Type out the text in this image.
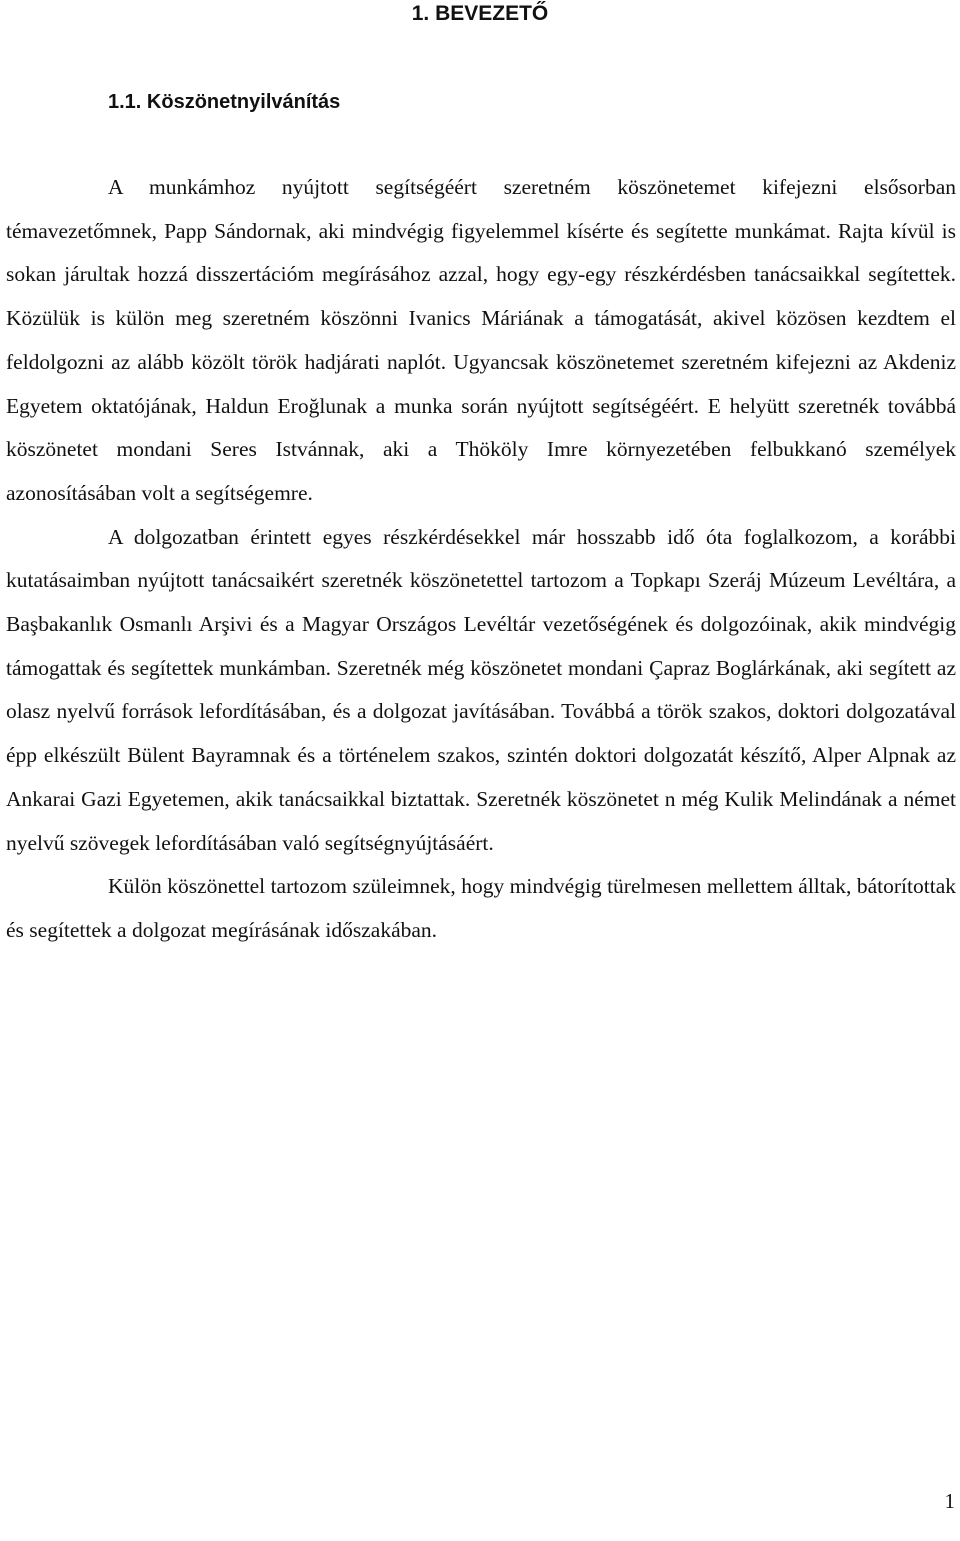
1. BEVEZETŐ
1.1. Köszönetnyilvánítás

A munkámhoz nyújtott segítségéért szeretném köszönetemet kifejezni elsősorban témavezetőmnek, Papp Sándornak, aki mindvégig figyelemmel kísérte és segítette munkámat. Rajta kívül is sokan járultak hozzá disszertációm megírásához azzal, hogy egy-egy részkérdésben tanácsaikkal segítettek. Közülük is külön meg szeretném köszönni Ivanics Máriának a támogatását, akivel közösen kezdtem el feldolgozni az alább közölt török hadjárati naplót. Ugyancsak köszönetemet szeretném kifejezni az Akdeniz Egyetem oktatójának, Haldun Eroğlunak a munka során nyújtott segítségéért. E helyütt szeretnék továbbá köszönetet mondani Seres Istvánnak, aki a Thököly Imre környezetében felbukkanó személyek azonosításában volt a segítségemre.

A dolgozatban érintett egyes részkérdésekkel már hosszabb idő óta foglalkozom, a korábbi kutatásaimban nyújtott tanácsaikért szeretnék köszönetettel tartozom a Topkapı Szeráj Múzeum Levéltára, a Başbakanlık Osmanlı Arşivi és a Magyar Országos Levéltár vezetőségének és dolgozóinak, akik mindvégig támogattak és segítettek munkámban. Szeretnék még köszönetet mondani Çapraz Boglárkának, aki segített az olasz nyelvű források lefordításában, és a dolgozat javításában. Továbbá a török szakos, doktori dolgozatával épp elkészült Bülent Bayramnak és a történelem szakos, szintén doktori dolgozatát készítő, Alper Alpnak az Ankarai Gazi Egyetemen, akik tanácsaikkal biztattak. Szeretnék köszönetet n még Kulik Melindának a német nyelvű szövegek lefordításában való segítségnyújtásáért.

Külön köszönettel tartozom szüleimnek, hogy mindvégig türelmesen mellettem álltak, bátorítottak és segítettek a dolgozat megírásának időszakában.

1
